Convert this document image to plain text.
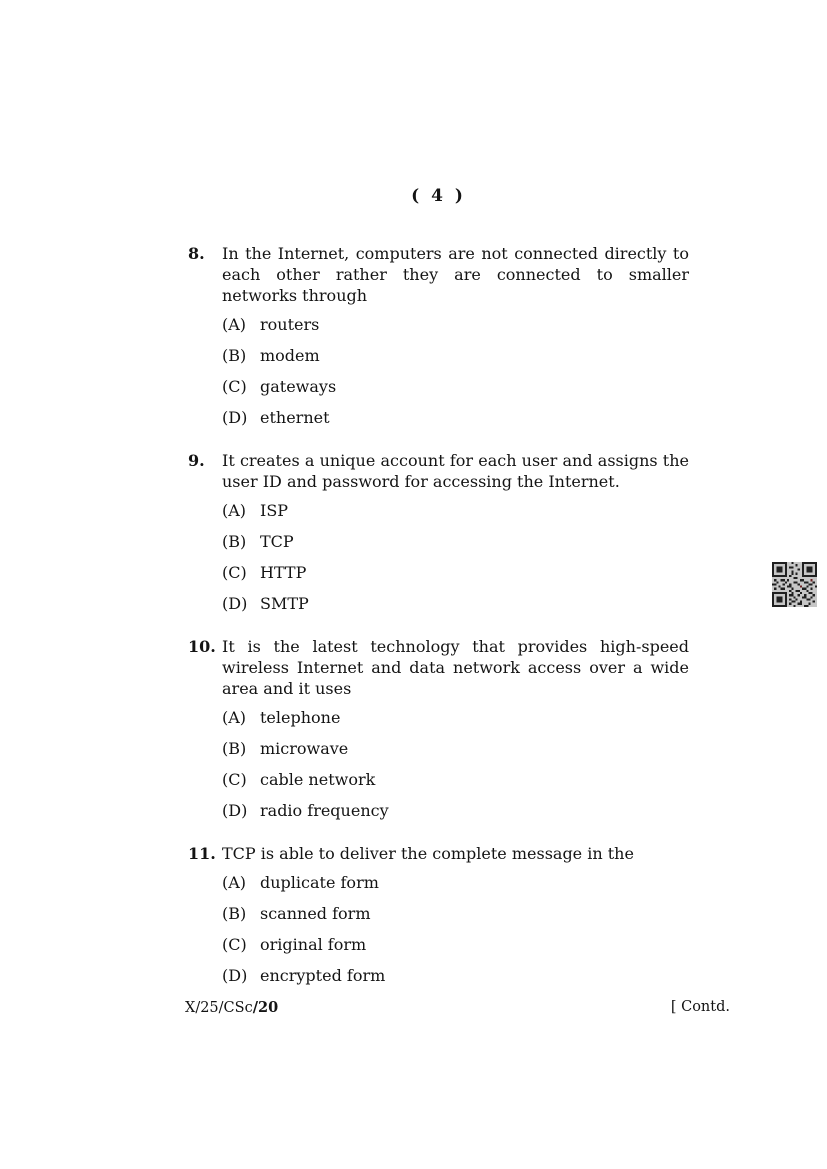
( 4 )
8.	In the Internet, computers are not connected directly to each other rather they are connected to smaller networks through
(A) routers
(B) modem
(C) gateways
(D) ethernet
9.	It creates a unique account for each user and assigns the user ID and password for accessing the Internet.
(A) ISP
(B) TCP
(C) HTTP
(D) SMTP
10. It is the latest technology that provides high-speed wireless Internet and data network access over a wide area and it uses
(A) telephone
(B) microwave
(C) cable network
(D) radio frequency
11. TCP is able to deliver the complete message in the
(A) duplicate form
(B) scanned form
(C) original form
(D) encrypted form
X/25/CSc/20	[ Contd.
